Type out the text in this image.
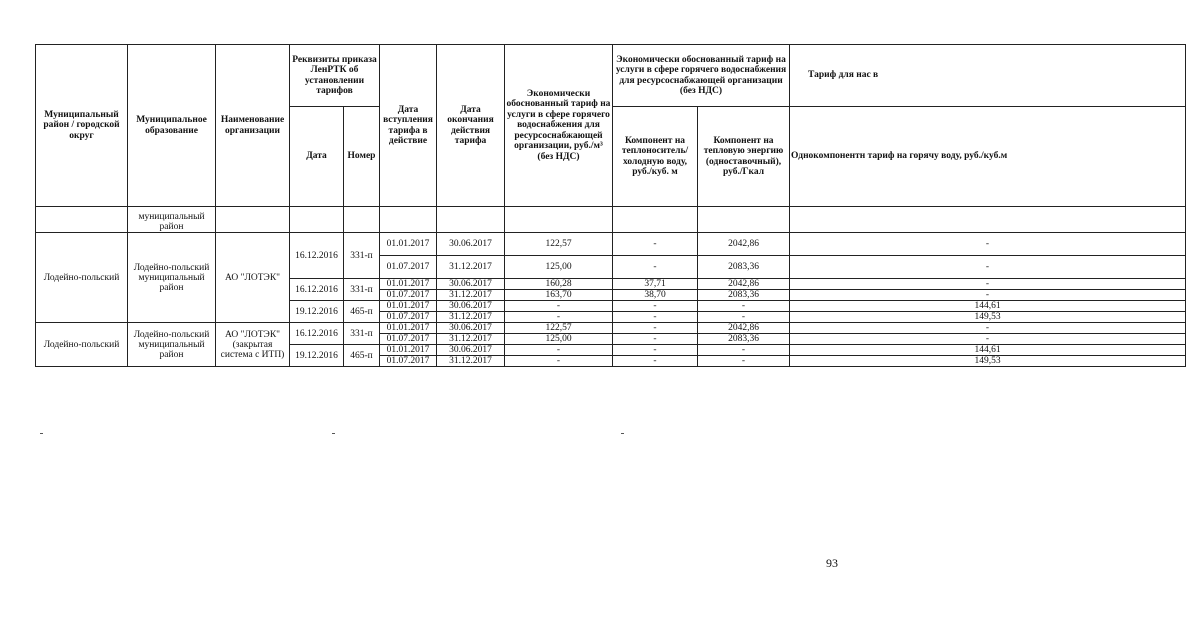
Муниципальный район / городской округ	Муниципальное образование	Наименование организации	Реквизиты приказа ЛенРТК об установлении тарифов		Дата вступления тарифа в действие	Дата окончания действия тарифа	Экономически обоснованный тариф на услуги в сфере горячего водоснабжения для ресурсоснабжающей организации, руб./м³ (без НДС)	Экономически обоснованный тариф на услуги в сфере горячего водоснабжения для ресурсоснабжающей организации (без НДС)		Тариф для нас в
			Дата	Номер				Компонент на теплоноситель/ холодную воду, руб./куб. м	Компонент на тепловую энергию (одноставочный), руб./Гкал	Однокомпонентн тариф на горячу воду, руб./куб.м
	муниципальный район									
Лодейно-польский	Лодейно-польский муниципальный район	АО "ЛОТЭК"	16.12.2016	331-п	01.01.2017	30.06.2017	122,57	-	2042,86	-
					01.07.2017	31.12.2017	125,00	-	2083,36	-
			16.12.2016	331-п	01.01.2017	30.06.2017	160,28	37,71	2042,86	-
					01.07.2017	31.12.2017	163,70	38,70	2083,36	-
			19.12.2016	465-п	01.01.2017	30.06.2017	-	-	-	144,61
					01.07.2017	31.12.2017	-	-	-	149,53
Лодейно-польский	Лодейно-польский муниципальный район	АО "ЛОТЭК" (закрытая система с ИТП)	16.12.2016	331-п	01.01.2017	30.06.2017	122,57	-	2042,86	-
					01.07.2017	31.12.2017	125,00	-	2083,36	-
			19.12.2016	465-п	01.01.2017	30.06.2017	-	-	-	144,61
					01.07.2017	31.12.2017	-	-	-	149,53
93
